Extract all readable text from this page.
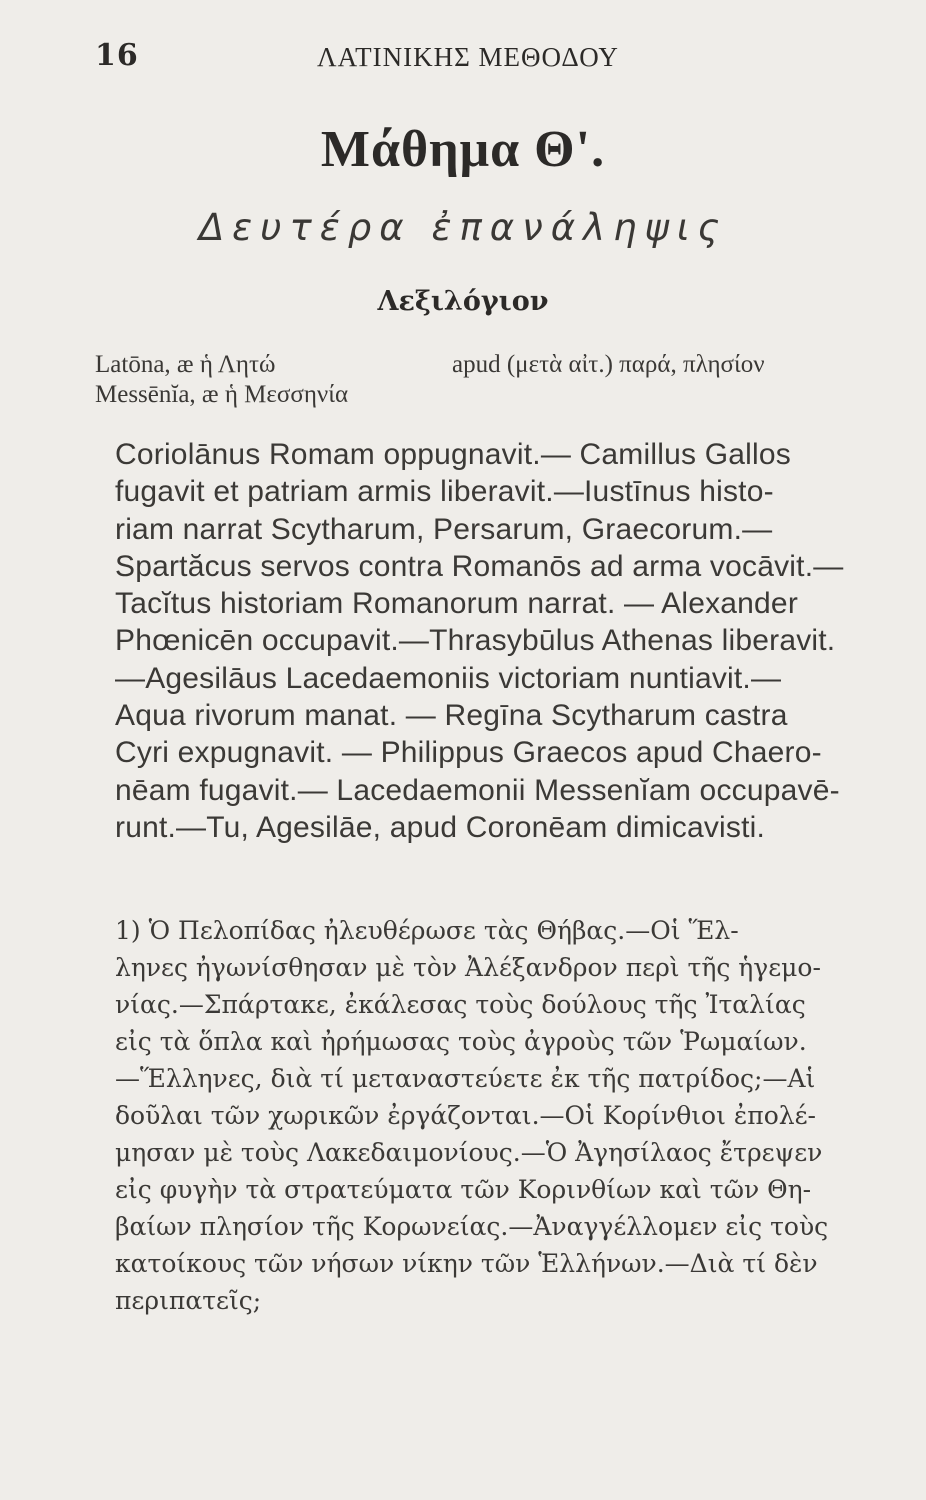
16	ΛΑΤΙΝΙΚΗΣ ΜΕΘΟΔΟΥ
Μάθημα Θ'.
Δευτέρα ἐπανάληψις
Λεξιλόγιον
Latōna, æ ἡ Λητώ
Messēnĭa, æ ἡ Μεσσηνία
apud (μετὰ αἰτ.) παρά, πλησίον
Coriolānus Romam oppugnavit.— Camillus Gallos
fugavit et patriam armis liberavit.—Iustīnus histo-
riam narrat Scytharum, Persarum, Graecorum.—
Spartăcus servos contra Romanōs ad arma vocāvit.—
Tacĭtus historiam Romanorum narrat. — Alexander
Phœnicēn occupavit.—Thrasybūlus Athenas liberavit.
—Agesilāus Lacedaemoniis victoriam nuntiavit.—
Aqua rivorum manat. — Regīna Scytharum castra
Cyri expugnavit. — Philippus Graecos apud Chaero-
nēam fugavit.— Lacedaemonii Messenĭam occupavē-
runt.—Tu, Agesilāe, apud Coronēam dimicavisti.
1) Ὁ Πελοπίδας ἠλευθέρωσε τὰς Θήβας.—Οἱ Ἕλ-
ληνες ἠγωνίσθησαν μὲ τὸν Ἀλέξανδρον περὶ τῆς ἡγεμο-
νίας.—Σπάρτακε, ἐκάλεσας τοὺς δούλους τῆς Ἰταλίας
εἰς τὰ ὅπλα καὶ ἠρήμωσας τοὺς ἀγροὺς τῶν Ῥωμαίων.
—Ἕλληνες, διὰ τί μεταναστεύετε ἐκ τῆς πατρίδος;—Αἱ
δοῦλαι τῶν χωρικῶν ἐργάζονται.—Οἱ Κορίνθιοι ἐπολέ-
μησαν μὲ τοὺς Λακεδαιμονίους.—Ὁ Ἀγησίλαος ἔτρεψεν
εἰς φυγὴν τὰ στρατεύματα τῶν Κορινθίων καὶ τῶν Θη-
βαίων πλησίον τῆς Κορωνείας.—Ἀναγγέλλομεν εἰς τοὺς
κατοίκους τῶν νήσων νίκην τῶν Ἑλλήνων.—Διὰ τί δὲν
περιπατεῖς;
